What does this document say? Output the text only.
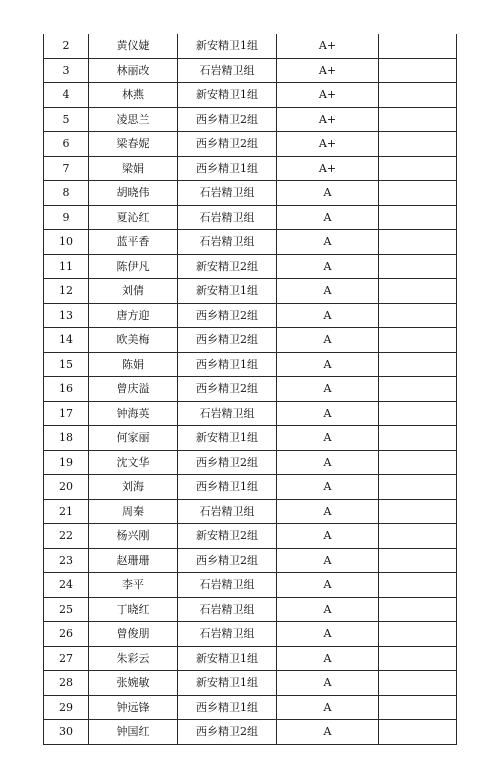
2	黄仪婕	新安精卫1组	A+	
3	林丽改	石岩精卫组	A+	
4	林燕	新安精卫1组	A+	
5	凌思兰	西乡精卫2组	A+	
6	梁春妮	西乡精卫2组	A+	
7	梁娟	西乡精卫1组	A+	
8	胡晓伟	石岩精卫组	A	
9	夏沁红	石岩精卫组	A	
10	蓝平香	石岩精卫组	A	
11	陈伊凡	新安精卫2组	A	
12	刘倩	新安精卫1组	A	
13	唐方迎	西乡精卫2组	A	
14	欧美梅	西乡精卫2组	A	
15	陈娟	西乡精卫1组	A	
16	曾庆溢	西乡精卫2组	A	
17	钟海英	石岩精卫组	A	
18	何家丽	新安精卫1组	A	
19	沈文华	西乡精卫2组	A	
20	刘海	西乡精卫1组	A	
21	周秦	石岩精卫组	A	
22	杨兴刚	新安精卫2组	A	
23	赵珊珊	西乡精卫2组	A	
24	李平	石岩精卫组	A	
25	丁晓红	石岩精卫组	A	
26	曾俊朋	石岩精卫组	A	
27	朱彩云	新安精卫1组	A	
28	张婉敏	新安精卫1组	A	
29	钟远锋	西乡精卫1组	A	
30	钟国红	西乡精卫2组	A	
